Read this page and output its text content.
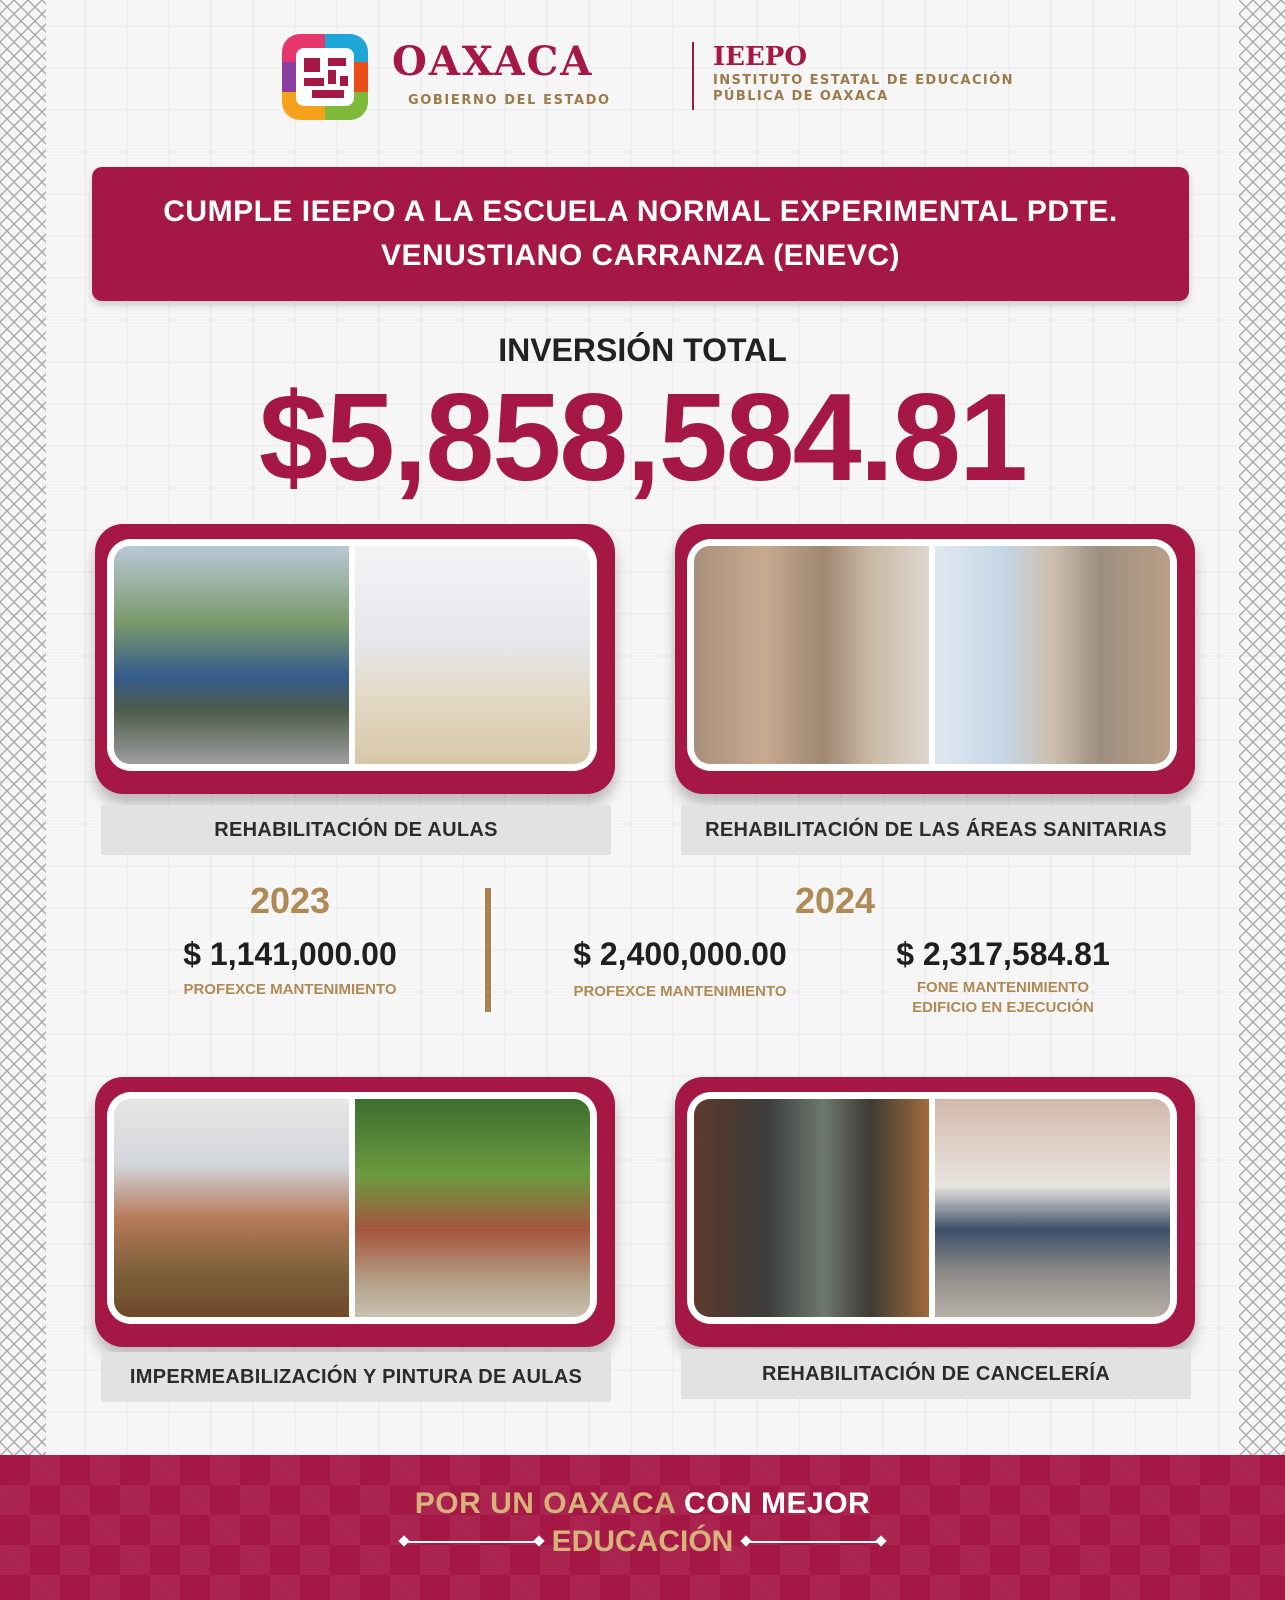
OAXACA
GOBIERNO DEL ESTADO
IEEPO
INSTITUTO ESTATAL DE EDUCACIÓN PÚBLICA DE OAXACA
CUMPLE IEEPO A LA ESCUELA NORMAL EXPERIMENTAL PDTE. VENUSTIANO CARRANZA (ENEVC)
INVERSIÓN TOTAL
$5,858,584.81
REHABILITACIÓN DE AULAS	REHABILITACIÓN DE LAS ÁREAS SANITARIAS
2023
$ 1,141,000.00
PROFEXCE MANTENIMIENTO
2024
$ 2,400,000.00
PROFEXCE MANTENIMIENTO
$ 2,317,584.81
FONE MANTENIMIENTO
EDIFICIO EN EJECUCIÓN
IMPERMEABILIZACIÓN Y PINTURA DE AULAS	REHABILITACIÓN DE CANCELERÍA
POR UN OAXACA CON MEJOR
EDUCACIÓN
